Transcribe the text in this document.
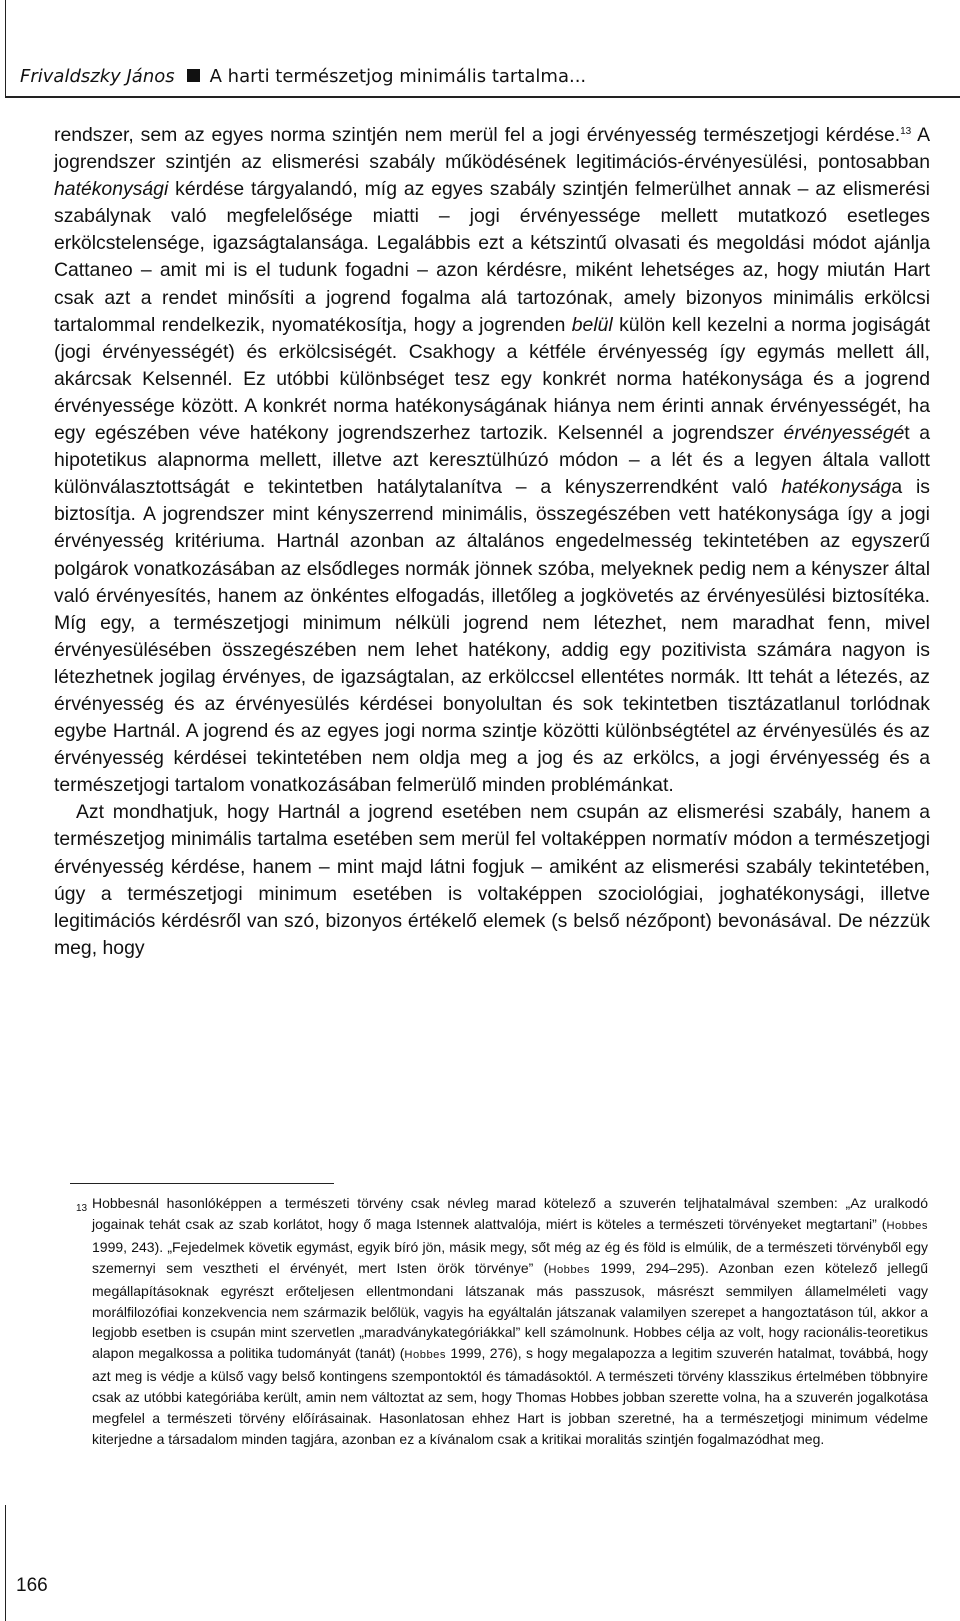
Frivaldszky János A harti természetjog minimális tartalma...

rendszer, sem az egyes norma szintjén nem merül fel a jogi érvényesség természetjogi kérdése.$^{13}$ A jogrendszer szintjén az elismerési szabály működésének legitimációs-érvényesülési, pontosabban hatékonysági kérdése tárgyalandó, míg az egyes szabály szintjén felmerülhet annak – az elismerési szabálynak való megfelelősége miatti – jogi érvényessége mellett mutatkozó esetleges erkölcstelensége, igazságtalansága. Legalábbis ezt a kétszintű olvasati és megoldási módot ajánlja Cattaneo – amit mi is el tudunk fogadni – azon kérdésre, miként lehetséges az, hogy miután Hart csak azt a rendet minősíti a jogrend fogalma alá tartozónak, amely bizonyos minimális erkölcsi tartalommal rendelkezik, nyomatékosítja, hogy a jogrenden belül külön kell kezelni a norma jogiságát (jogi érvényességét) és erkölcsiségét. Csakhogy a kétféle érvényesség így egymás mellett áll, akárcsak Kelsennél. Ez utóbbi különbséget tesz egy konkrét norma hatékonysága és a jogrend érvényessége között. A konkrét norma hatékonyságának hiánya nem érinti annak érvényességét, ha egy egészében véve hatékony jogrendszerhez tartozik. Kelsennél a jogrendszer érvényességét a hipotetikus alapnorma mellett, illetve azt keresztülhúzó módon – a lét és a legyen általa vallott különválasztottságát e tekintetben hatálytalanítva – a kényszerrendként való hatékonysága is biztosítja. A jogrendszer mint kényszerrend minimális, összegészében vett hatékonysága így a jogi érvényesség kritériuma. Hartnál azonban az általános engedelmesség tekintetében az egyszerű polgárok vonatkozásában az elsődleges normák jönnek szóba, melyeknek pedig nem a kényszer által való érvényesítés, hanem az önkéntes elfogadás, illetőleg a jogkövetés az érvényesülési biztosítéka. Míg egy, a természetjogi minimum nélküli jogrend nem létezhet, nem maradhat fenn, mivel érvényesülésében összegészében nem lehet hatékony, addig egy pozitivista számára nagyon is létezhetnek jogilag érvényes, de igazságtalan, az erkölccsel ellentétes normák. Itt tehát a létezés, az érvényesség és az érvényesülés kérdései bonyolultan és sok tekintetben tisztázatlanul torlódnak egybe Hartnál. A jogrend és az egyes jogi norma szintje közötti különbségtétel az érvényesülés és az érvényesség kérdései tekintetében nem oldja meg a jog és az erkölcs, a jogi érvényesség és a természetjogi tartalom vonatkozásában felmerülő minden problémánkat.

Azt mondhatjuk, hogy Hartnál a jogrend esetében nem csupán az elismerési szabály, hanem a természetjog minimális tartalma esetében sem merül fel voltaképpen normatív módon a természetjogi érvényesség kérdése, hanem – mint majd látni fogjuk – amiként az elismerési szabály tekintetében, úgy a természetjogi minimum esetében is voltaképpen szociológiai, joghatékonysági, illetve legitimációs kérdésről van szó, bizonyos értékelő elemek (s belső nézőpont) bevonásával. De nézzük meg, hogy

13 Hobbesnál hasonlóképpen a természeti törvény csak névleg marad kötelező a szuverén teljhatalmával szemben: „Az uralkodó jogainak tehát csak az szab korlátot, hogy ő maga Istennek alattvalója, miért is köteles a természeti törvényeket megtartani” (Hobbes 1999, 243). „Fejedelmek követik egymást, egyik bíró jön, másik megy, sőt még az ég és föld is elmúlik, de a természeti törvényből egy szemernyi sem vesztheti el érvényét, mert Isten örök törvénye” (Hobbes 1999, 294–295). Azonban ezen kötelező jellegű megállapításoknak egyrészt erőteljesen ellentmondani látszanak más passzusok, másrészt semmilyen államelméleti vagy morálfilozófiai konzekvencia nem származik belőlük, vagyis ha egyáltalán játszanak valamilyen szerepet a hangoztatáson túl, akkor a legjobb esetben is csupán mint szervetlen „maradványkategóriákkal” kell számolnunk. Hobbes célja az volt, hogy racionális-teoretikus alapon megalkossa a politika tudományát (tanát) (Hobbes 1999, 276), s hogy megalapozza a legitim szuverén hatalmat, továbbá, hogy azt meg is védje a külső vagy belső kontingens szempontoktól és támadásoktól. A természeti törvény klasszikus értelmében többnyire csak az utóbbi kategóriába került, amin nem változtat az sem, hogy Thomas Hobbes jobban szerette volna, ha a szuverén jogalkotása megfelel a természeti törvény előírásainak. Hasonlatosan ehhez Hart is jobban szeretné, ha a természetjogi minimum védelme kiterjedne a társadalom minden tagjára, azonban ez a kívánalom csak a kritikai moralitás szintjén fogalmazódhat meg.
166
